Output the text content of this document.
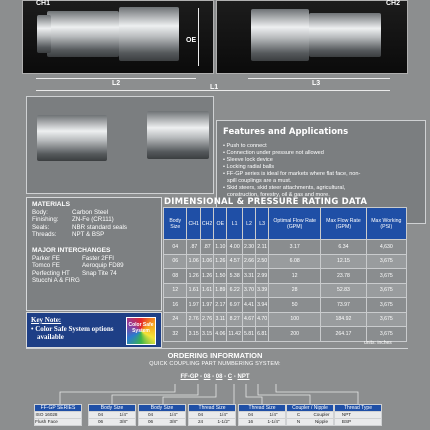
CH1	CH2
OE
L2	L3
L1
Features and Applications
• Push to connect
• Connection under pressure not allowed
• Sleeve lock device
• Locking radial balls
• FF-GP series is ideal for markets where flat face, non-
spill couplings are a must.
• Skid steers, skid steer attachments, agricultural,
construction, forestry, oil & gas and more.
MATERIALS
Body:	Carbon Steel
Finishing:	ZN-Fe (CR111)
Seals:	NBR standard seals
Threads:	NPT & BSP
MAJOR INTERCHANGES
Parker FE	Faster 2FFI
Tomco FE	Aeroquip FD89
Perfecting HT	Snap Tite 74
Stucchi A & FIRG
Key Note:
• Color Safe System options
available
Color Safe System
DIMENSIONAL & PRESSURE RATING DATA
Body Size	CH1	CH2	OE	L1	L2	L3	Optimal Flow Rate (GPM)	Max Flow Rate (GPM)	Max Working (PSI)
04	.87	.87	1.10	4.00	2.30	2.11	3.17	6.34	4,630
06	1.06	1.06	1.26	4.57	2.66	2.50	6.08	12.15	3,675
08	1.26	1.26	1.50	5.38	3.31	2.99	12	23.78	3,675
12	1.61	1.61	1.89	6.22	3.70	3.39	28	52.83	3,675
16	1.97	1.97	2.17	6.97	4.41	3.94	50	73.97	3,675
24	2.76	2.76	3.11	8.27	4.67	4.70	100	184.92	3,675
32	3.15	3.15	4.06	11.42	5.81	6.81	200	264.17	3,675
units: inches
ORDERING INFORMATION
QUICK COUPLING PART NUMBERING SYSTEM:
FF-GP - 08 - 08 - C - NPT
FF-GP SERIES
ISO 16028
Flush Face
Body Size
04	1/4"
06	3/8"
Body Size
04	1/4"
06	3/8"
Thread Size
04	1/4"
24	1-1/2"
Thread Size
04	1/4"
16	1-1/4"
Coupler / Nipple
C	Coupler
N	Nipple
Thread Type
NPT
BSP
